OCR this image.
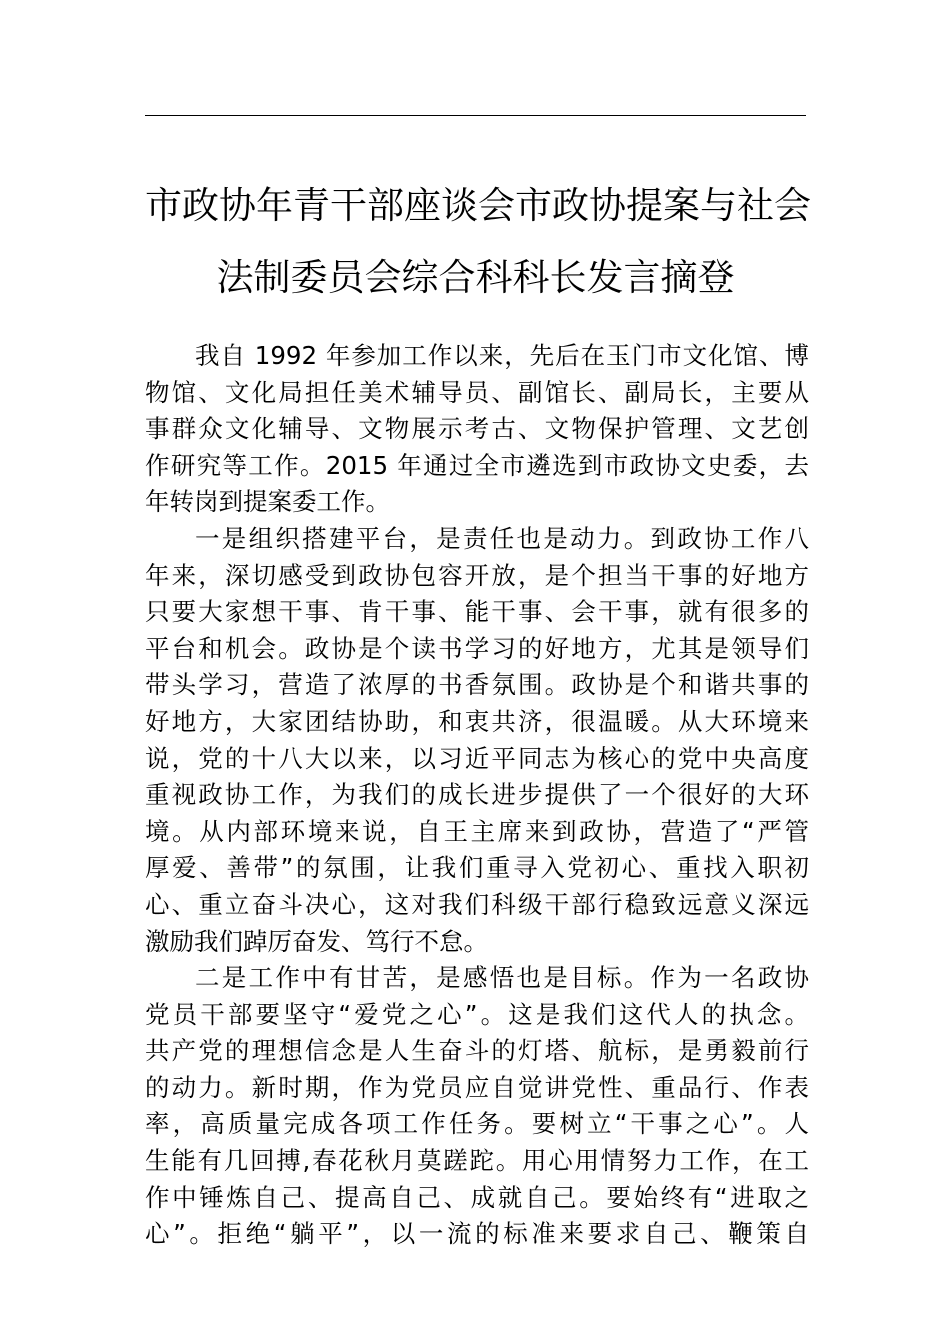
市政协年青干部座谈会市政协提案与社会
法制委员会综合科科长发言摘登

我自 1992 年参加工作以来，先后在玉门市文化馆、博
物馆、文化局担任美术辅导员、副馆长、副局长，主要从
事群众文化辅导、文物展示考古、文物保护管理、文艺创
作研究等工作。2015 年通过全市遴选到市政协文史委，去
年转岗到提案委工作。

一是组织搭建平台，是责任也是动力。到政协工作八
年来，深切感受到政协包容开放，是个担当干事的好地方
只要大家想干事、肯干事、能干事、会干事，就有很多的
平台和机会。政协是个读书学习的好地方，尤其是领导们
带头学习，营造了浓厚的书香氛围。政协是个和谐共事的
好地方，大家团结协助，和衷共济，很温暖。从大环境来
说，党的十八大以来，以习近平同志为核心的党中央高度
重视政协工作，为我们的成长进步提供了一个很好的大环
境。从内部环境来说，自王主席来到政协，营造了“严管
厚爱、善带”的氛围，让我们重寻入党初心、重找入职初
心、重立奋斗决心，这对我们科级干部行稳致远意义深远
激励我们踔厉奋发、笃行不怠。

二是工作中有甘苦，是感悟也是目标。作为一名政协
党员干部要坚守“爱党之心”。这是我们这代人的执念。
共产党的理想信念是人生奋斗的灯塔、航标，是勇毅前行
的动力。新时期，作为党员应自觉讲党性、重品行、作表
率，高质量完成各项工作任务。要树立“干事之心”。人
生能有几回搏,春花秋月莫蹉跎。用心用情努力工作，在工
作中锤炼自己、提高自己、成就自己。要始终有“进取之
心”。拒绝“躺平”，以一流的标准来要求自己、鞭策自
